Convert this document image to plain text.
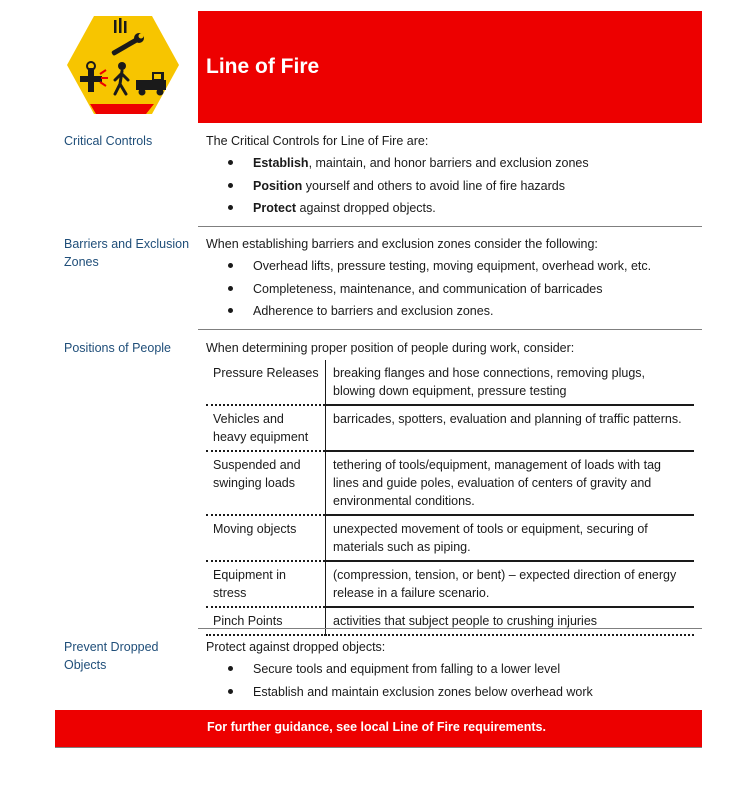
Line of Fire
Critical Controls	The Critical Controls for Line of Fire are:

Establish, maintain, and honor barriers and exclusion zones
Position yourself and others to avoid line of fire hazards
Protect against dropped objects.
Barriers and Exclusion Zones

When establishing barriers and exclusion zones consider the following:

Overhead lifts, pressure testing, moving equipment, overhead work, etc.
Completeness, maintenance, and communication of barricades
Adherence to barriers and exclusion zones.
Positions of People	When determining proper position of people during work, consider:

Pressure Releases	breaking flanges and hose connections, removing plugs, blowing down equipment, pressure testing
Vehicles and heavy equipment	barricades, spotters, evaluation and planning of traffic patterns.
Suspended and swinging loads	tethering of tools/equipment, management of loads with tag lines and guide poles, evaluation of centers of gravity and environmental conditions.
Moving objects	unexpected movement of tools or equipment, securing of materials such as piping.
Equipment in stress	(compression, tension, or bent) – expected direction of energy release in a failure scenario.
Pinch Points	activities that subject people to crushing injuries
Prevent Dropped Objects

Protect against dropped objects:

Secure tools and equipment from falling to a lower level
Establish and maintain exclusion zones below overhead work
For further guidance, see local Line of Fire requirements.
